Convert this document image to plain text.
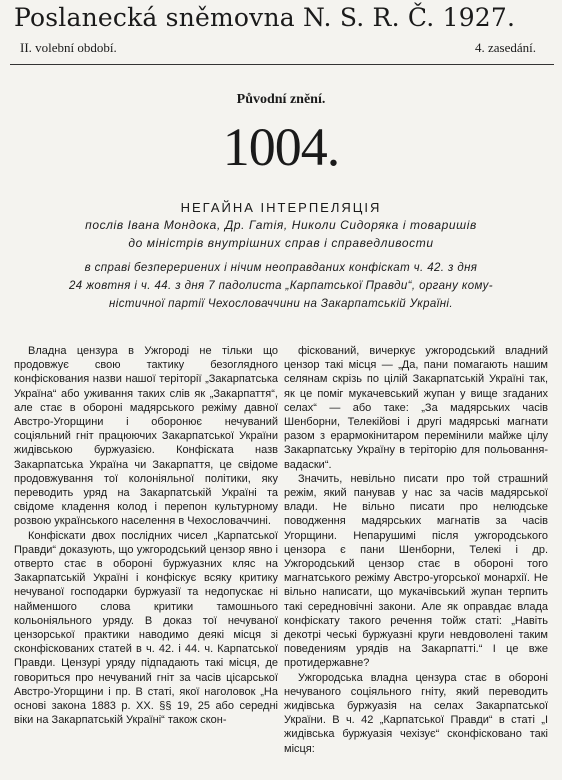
Poslanecká sněmovna N. S. R. Č. 1927.
II. volební období.	4. zasedání.
Původní znění.
1004.
НЕГАЙНА ІНТЕРПЕЛЯЦІЯ
послів Івана Мондока, Др. Гатія, Николи Сидоряка і товаришів
до міністрів внутрішних справ і справедливости
в справі безперериених і нічим неоправданих конфіскат ч. 42. з дня
24 жовтня і ч. 44. з дня 7 падолиста „Карпатської Правди“, органу кому-
ністичної партії Чехословаччини на Закарпатській Україні.

Владна цензура в Ужгороді не тільки що продовжує свою тактику безоглядного конфіскования назви нашої теріторії „Закарпатська Україна“ або уживання таких слів як „Закарпаття“, але стає в обороні мадярського режіму давної Австро-Угорщини і оборонює нечуваний соціяльний гніт працюючих Закарпатської України жидівською буржуазією. Конфіската назв Закарпатська Україна чи Закарпаття, це свідоме продовжування тої колоніяльної політики, яку переводить уряд на Закарпатській Україні та свідоме кладення колод і перепон культурному розвою українського населення в Чехословаччині.

Конфіскати двох послідних чисел „Карпатської Правди“ доказують, що ужгородський цензор явно і отверто стає в обороні буржуазних кляс на Закарпатській Україні і конфіскує всяку критику нечуваної господарки буржуазії та недопускає ні найменшого слова критики тамошнього кольоніяльного уряду. В доказ тої нечуваної цензорської практики наводимо деякі місця зі сконфіскованих статей в ч. 42. і 44. ч. Карпатської Правди. Цензурі уряду підпадають такі місця, де говориться про нечуваний гніт за часів цісарської Австро-Угорщини і пр. В статі, якої наголовок „На основі закона 1883 р. XX. §§ 19, 25 або середні віки на Закарпатській Україні“ також скон-

фіскований, вичеркує ужгородський владний цензор такі місця — „Да, пани помагають нашим селянам скрізь по цілій Закарпатській Україні так, як це поміг мукачевський жупан у вище згаданих селах“ — або таке: „За мадярських часів Шенборни, Телекійові і другі мадярські магнати разом з ерармокінитаром перемінили майже цілу Закарпатську Україну в теріторію для польовання-вадаски“.

Значить, невільно писати про той страшний режім, який панував у нас за часів мадярської влади. Не вільно писати про нелюдське поводження мадярських магнатів за часів Угорщини. Непарушимі після ужгородського цензора є пани Шенборни, Телекі і др. Ужгородський цензор стає в обороні того магнатського режіму Австро-угорської монархії. Не вільно написати, що мукачівський жупан терпить такі середновічні закони. Але як оправдає влада конфіскату такого речення тойж статі: „Навіть декотрі чеські буржуазні круги невдоволені таким поведениям урядів на Закарпатті.“ І це вже протидержавне?

Ужгородська владна цензура стає в обороні нечуваного соціяльного гніту, який переводить жидівська буржуазія на селах Закарпатської України. В ч. 42 „Карпатської Правди“ в статі „І жидівська буржуазія чехізує“ сконфісковано такі місця:
